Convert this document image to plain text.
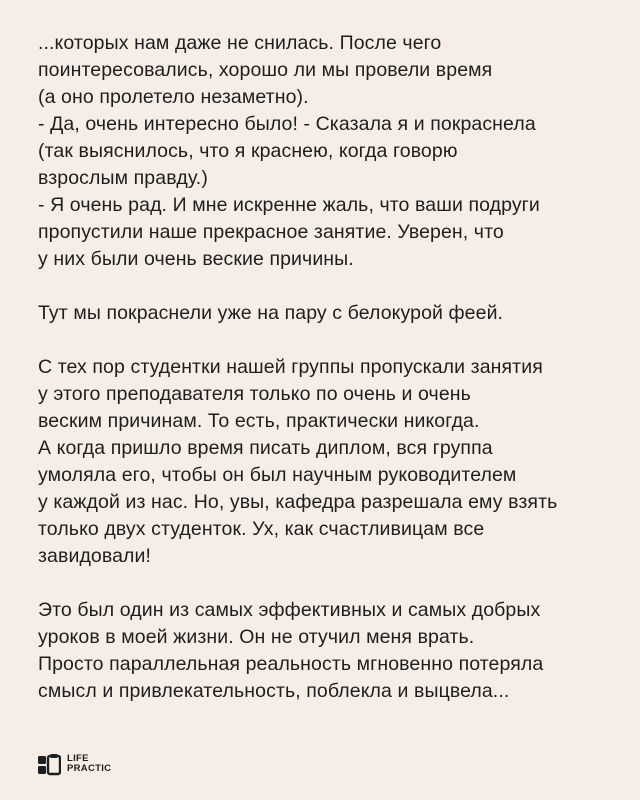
...которых нам даже не снилась. После чего
поинтересовались, хорошо ли мы провели время
(а оно пролетело незаметно).
- Да, очень интересно было! - Сказала я и покраснела
(так выяснилось, что я краснею, когда говорю
взрослым правду.)
- Я очень рад. И мне искренне жаль, что ваши подруги
пропустили наше прекрасное занятие. Уверен, что
у них были очень веские причины.
Тут мы покраснели уже на пару с белокурой феей.
С тех пор студентки нашей группы пропускали занятия
у этого преподавателя только по очень и очень
веским причинам. То есть, практически никогда.
А когда пришло время писать диплом, вся группа
умоляла его, чтобы он был научным руководителем
у каждой из нас. Но, увы, кафедра разрешала ему взять
только двух студенток. Ух, как счастливицам все
завидовали!
Это был один из самых эффективных и самых добрых
уроков в моей жизни. Он не отучил меня врать.
Просто параллельная реальность мгновенно потеряла
смысл и привлекательность, поблекла и выцвела...
LIFE
PRACTIC
